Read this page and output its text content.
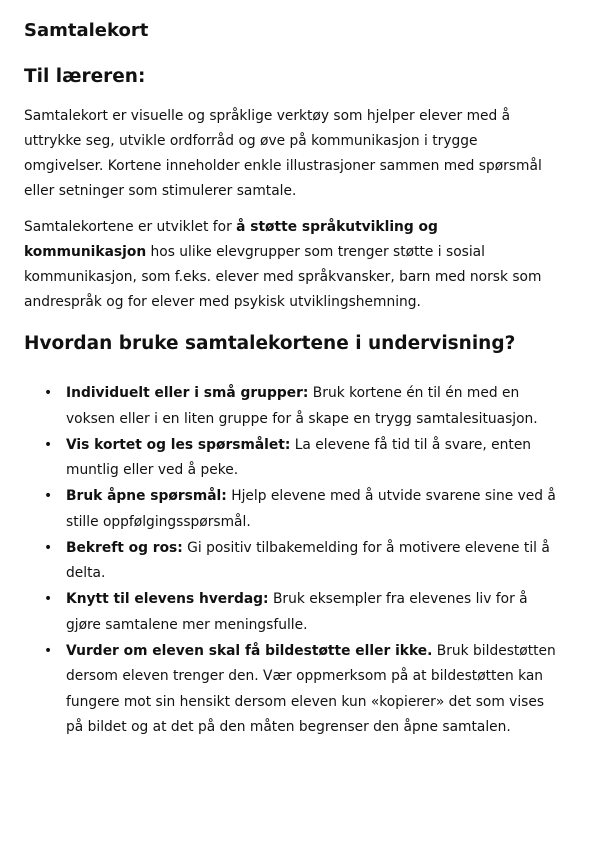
Samtalekort
Til læreren:

Samtalekort er visuelle og språklige verktøy som hjelper elever med å uttrykke seg, utvikle ordforråd og øve på kommunikasjon i trygge omgivelser. Kortene inneholder enkle illustrasjoner sammen med spørsmål eller setninger som stimulerer samtale.

Samtalekortene er utviklet for å støtte språkutvikling og kommunikasjon hos ulike elevgrupper som trenger støtte i sosial kommunikasjon, som f.eks. elever med språkvansker, barn med norsk som andrespråk og for elever med psykisk utviklingshemning.

Hvordan bruke samtalekortene i undervisning?
• Individuelt eller i små grupper: Bruk kortene én til én med en voksen eller i en liten gruppe for å skape en trygg samtalesituasjon.
• Vis kortet og les spørsmålet: La elevene få tid til å svare, enten muntlig eller ved å peke.
• Bruk åpne spørsmål: Hjelp elevene med å utvide svarene sine ved å stille oppfølgingsspørsmål.
• Bekreft og ros: Gi positiv tilbakemelding for å motivere elevene til å delta.
• Knytt til elevens hverdag: Bruk eksempler fra elevenes liv for å gjøre samtalene mer meningsfulle.
• Vurder om eleven skal få bildestøtte eller ikke. Bruk bildestøtten dersom eleven trenger den. Vær oppmerksom på at bildestøtten kan fungere mot sin hensikt dersom eleven kun «kopierer» det som vises på bildet og at det på den måten begrenser den åpne samtalen.
